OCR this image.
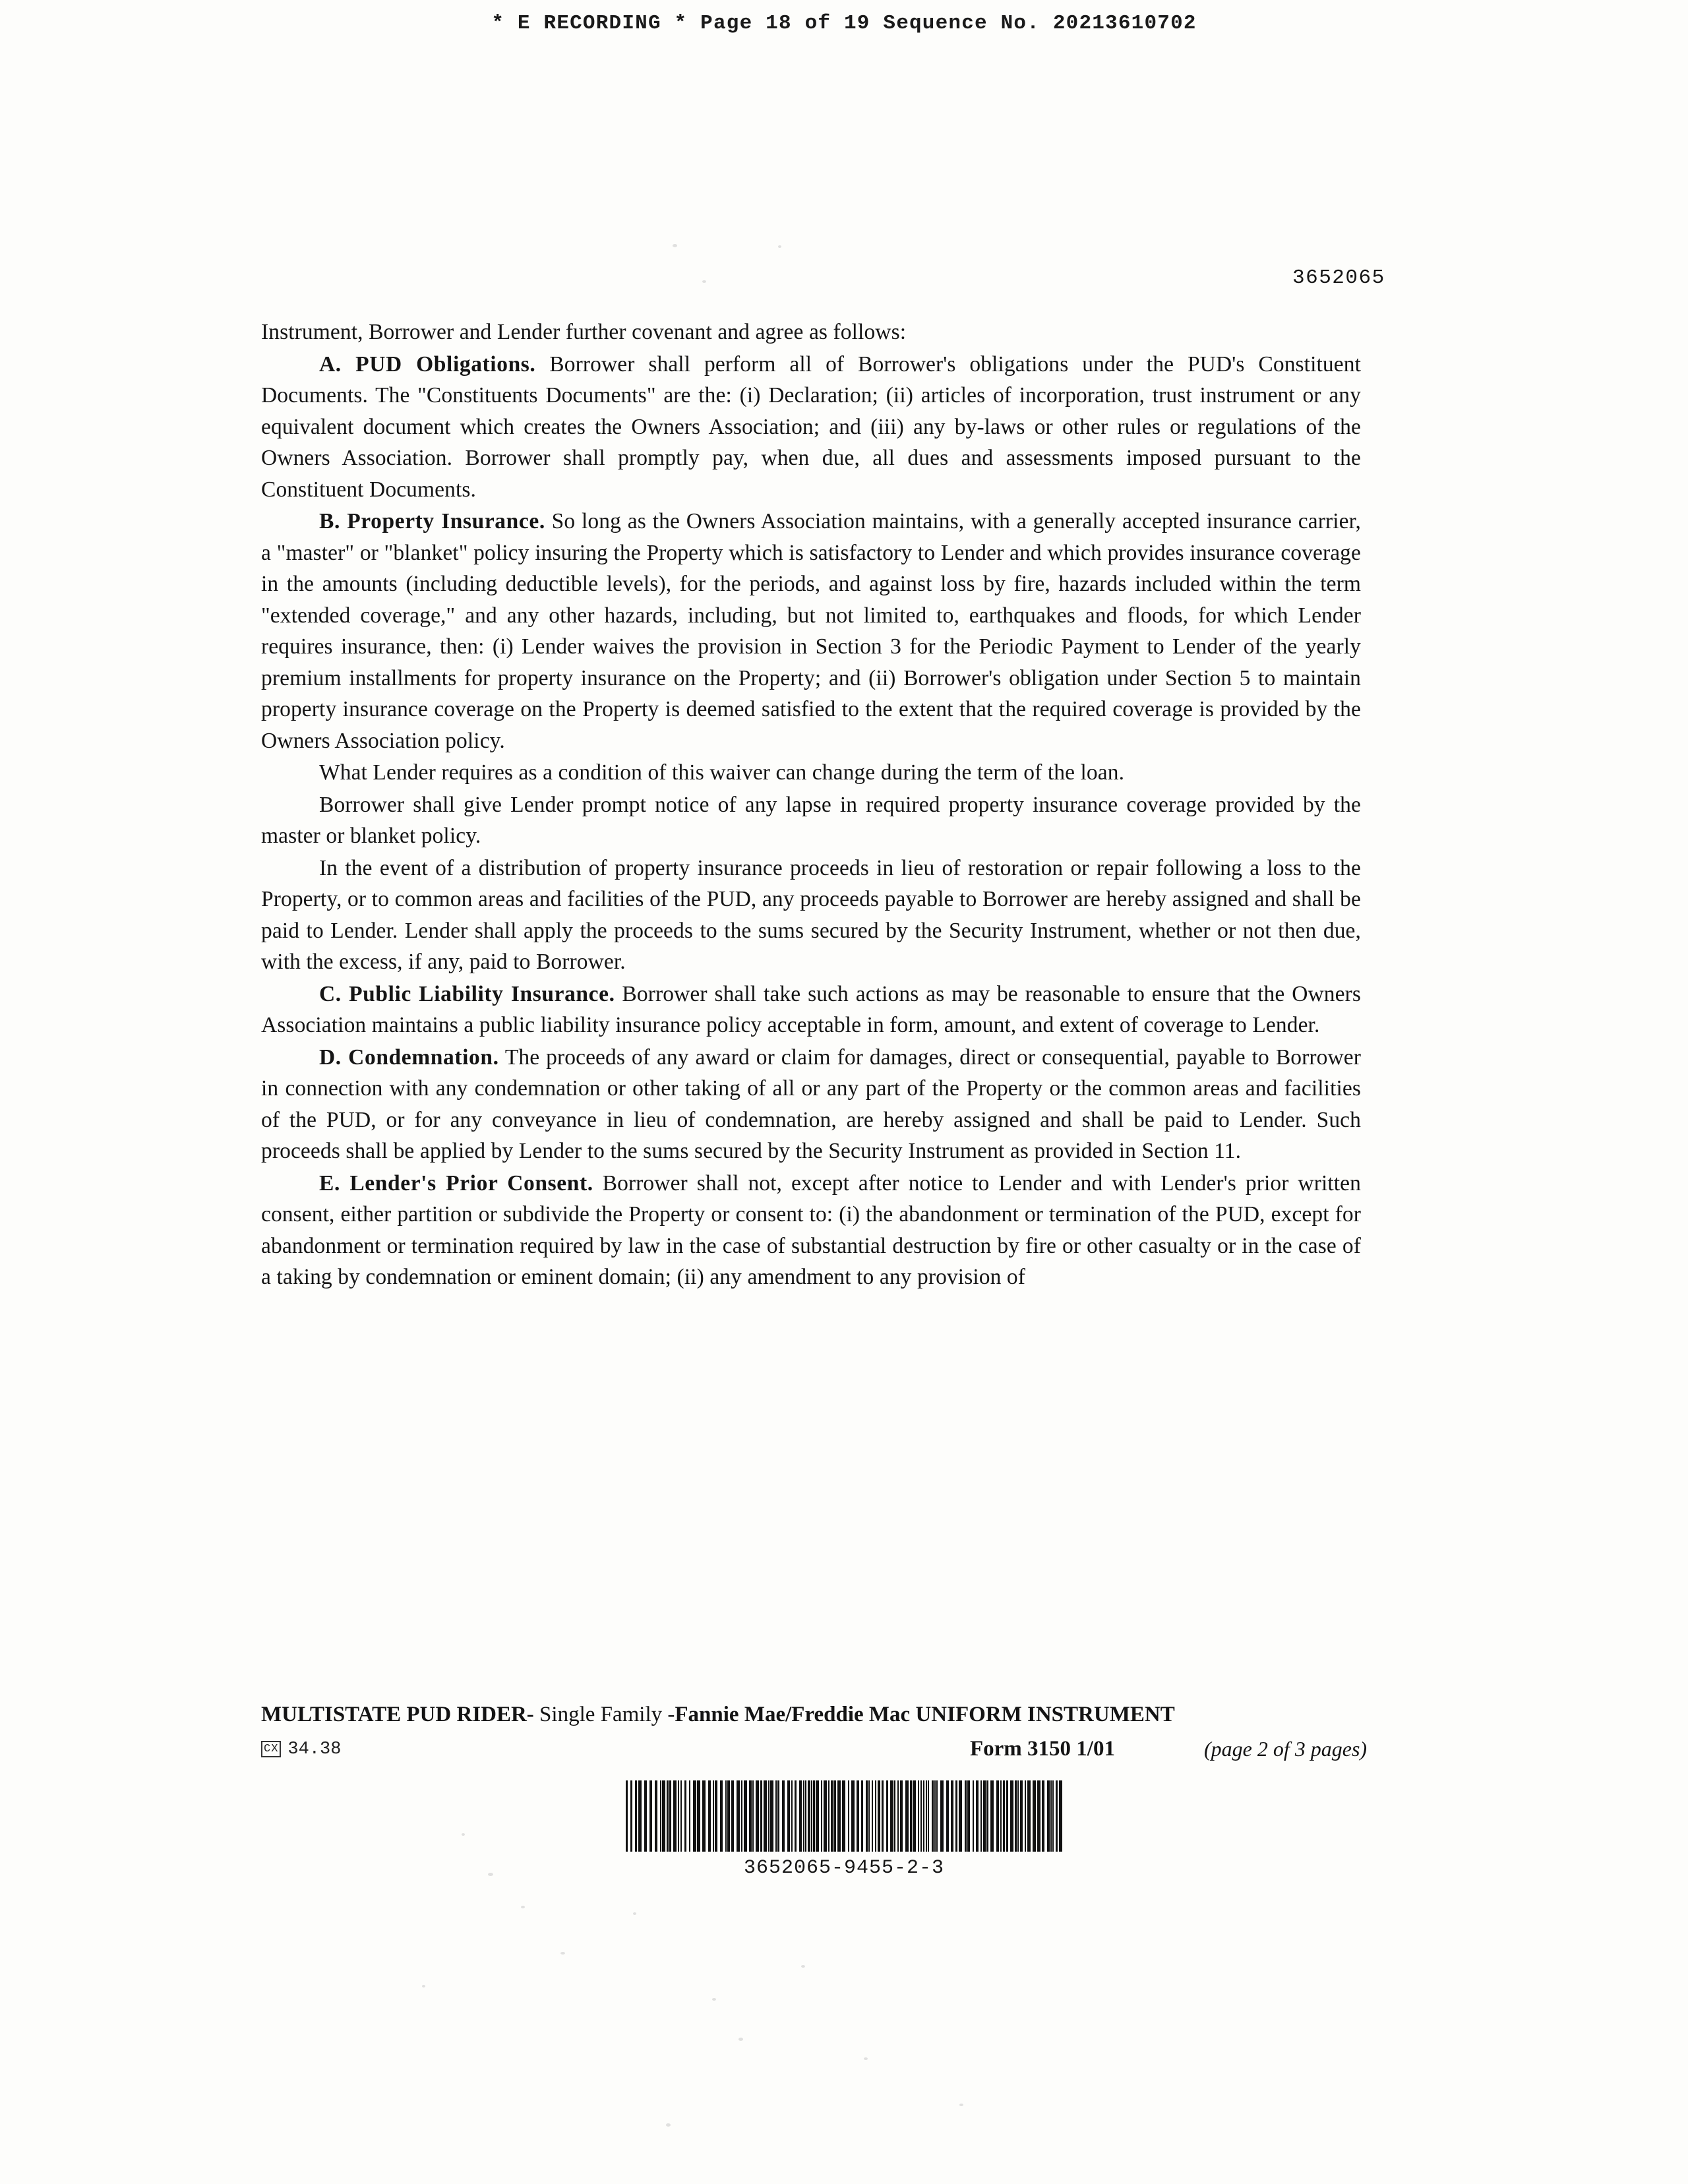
* E RECORDING * Page 18 of 19 Sequence No. 20213610702
3652065

Instrument, Borrower and Lender further covenant and agree as follows:

A. PUD Obligations. Borrower shall perform all of Borrower's obligations under the PUD's Constituent Documents. The "Constituents Documents" are the: (i) Declaration; (ii) articles of incorporation, trust instrument or any equivalent document which creates the Owners Association; and (iii) any by-laws or other rules or regulations of the Owners Association. Borrower shall promptly pay, when due, all dues and assessments imposed pursuant to the Constituent Documents.

B. Property Insurance. So long as the Owners Association maintains, with a generally accepted insurance carrier, a "master" or "blanket" policy insuring the Property which is satisfactory to Lender and which provides insurance coverage in the amounts (including deductible levels), for the periods, and against loss by fire, hazards included within the term "extended coverage," and any other hazards, including, but not limited to, earthquakes and floods, for which Lender requires insurance, then: (i) Lender waives the provision in Section 3 for the Periodic Payment to Lender of the yearly premium installments for property insurance on the Property; and (ii) Borrower's obligation under Section 5 to maintain property insurance coverage on the Property is deemed satisfied to the extent that the required coverage is provided by the Owners Association policy.

What Lender requires as a condition of this waiver can change during the term of the loan.

Borrower shall give Lender prompt notice of any lapse in required property insurance coverage provided by the master or blanket policy.

In the event of a distribution of property insurance proceeds in lieu of restoration or repair following a loss to the Property, or to common areas and facilities of the PUD, any proceeds payable to Borrower are hereby assigned and shall be paid to Lender. Lender shall apply the proceeds to the sums secured by the Security Instrument, whether or not then due, with the excess, if any, paid to Borrower.

C. Public Liability Insurance. Borrower shall take such actions as may be reasonable to ensure that the Owners Association maintains a public liability insurance policy acceptable in form, amount, and extent of coverage to Lender.

D. Condemnation. The proceeds of any award or claim for damages, direct or consequential, payable to Borrower in connection with any condemnation or other taking of all or any part of the Property or the common areas and facilities of the PUD, or for any conveyance in lieu of condemnation, are hereby assigned and shall be paid to Lender. Such proceeds shall be applied by Lender to the sums secured by the Security Instrument as provided in Section 11.

E. Lender's Prior Consent. Borrower shall not, except after notice to Lender and with Lender's prior written consent, either partition or subdivide the Property or consent to: (i) the abandonment or termination of the PUD, except for abandonment or termination required by law in the case of substantial destruction by fire or other casualty or in the case of a taking by condemnation or eminent domain; (ii) any amendment to any provision of

MULTISTATE PUD RIDER- Single Family -Fannie Mae/Freddie Mac UNIFORM INSTRUMENT
CX 34.38	Form 3150 1/01	(page 2 of 3 pages)
3652065-9455-2-3
